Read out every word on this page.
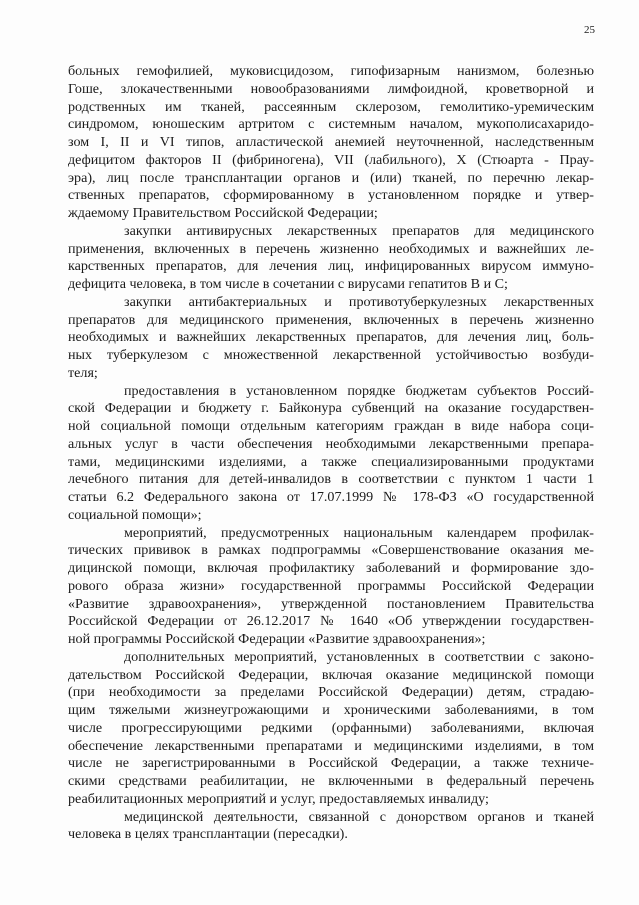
25
больных гемофилией, муковисцидозом, гипофизарным нанизмом, болезнью
Гоше, злокачественными новообразованиями лимфоидной, кроветворной и
родственных им тканей, рассеянным склерозом, гемолитико-уремическим
синдромом, юношеским артритом с системным началом, мукополисахаридо-
зом I, II и VI типов, апластической анемией неуточненной, наследственным
дефицитом факторов II (фибриногена), VII (лабильного), X (Стюарта - Прау-
эра), лиц после трансплантации органов и (или) тканей, по перечню лекар-
ственных препаратов, сформированному в установленном порядке и утвер-
ждаемому Правительством Российской Федерации;
закупки антивирусных лекарственных препаратов для медицинского
применения, включенных в перечень жизненно необходимых и важнейших ле-
карственных препаратов, для лечения лиц, инфицированных вирусом иммуно-
дефицита человека, в том числе в сочетании с вирусами гепатитов B и C;
закупки антибактериальных и противотуберкулезных лекарственных
препаратов для медицинского применения, включенных в перечень жизненно
необходимых и важнейших лекарственных препаратов, для лечения лиц, боль-
ных туберкулезом с множественной лекарственной устойчивостью возбуди-
теля;
предоставления в установленном порядке бюджетам субъектов Россий-
ской Федерации и бюджету г. Байконура субвенций на оказание государствен-
ной социальной помощи отдельным категориям граждан в виде набора соци-
альных услуг в части обеспечения необходимыми лекарственными препара-
тами, медицинскими изделиями, а также специализированными продуктами
лечебного питания для детей-инвалидов в соответствии с пунктом 1 части 1
статьи 6.2 Федерального закона от 17.07.1999 № 178-ФЗ «О государственной
социальной помощи»;
мероприятий, предусмотренных национальным календарем профилак-
тических прививок в рамках подпрограммы «Совершенствование оказания ме-
дицинской помощи, включая профилактику заболеваний и формирование здо-
рового образа жизни» государственной программы Российской Федерации
«Развитие здравоохранения», утвержденной постановлением Правительства
Российской Федерации от 26.12.2017 № 1640 «Об утверждении государствен-
ной программы Российской Федерации «Развитие здравоохранения»;
дополнительных мероприятий, установленных в соответствии с законо-
дательством Российской Федерации, включая оказание медицинской помощи
(при необходимости за пределами Российской Федерации) детям, страдаю-
щим тяжелыми жизнеугрожающими и хроническими заболеваниями, в том
числе прогрессирующими редкими (орфанными) заболеваниями, включая
обеспечение лекарственными препаратами и медицинскими изделиями, в том
числе не зарегистрированными в Российской Федерации, а также техниче-
скими средствами реабилитации, не включенными в федеральный перечень
реабилитационных мероприятий и услуг, предоставляемых инвалиду;
медицинской деятельности, связанной с донорством органов и тканей
человека в целях трансплантации (пересадки).
